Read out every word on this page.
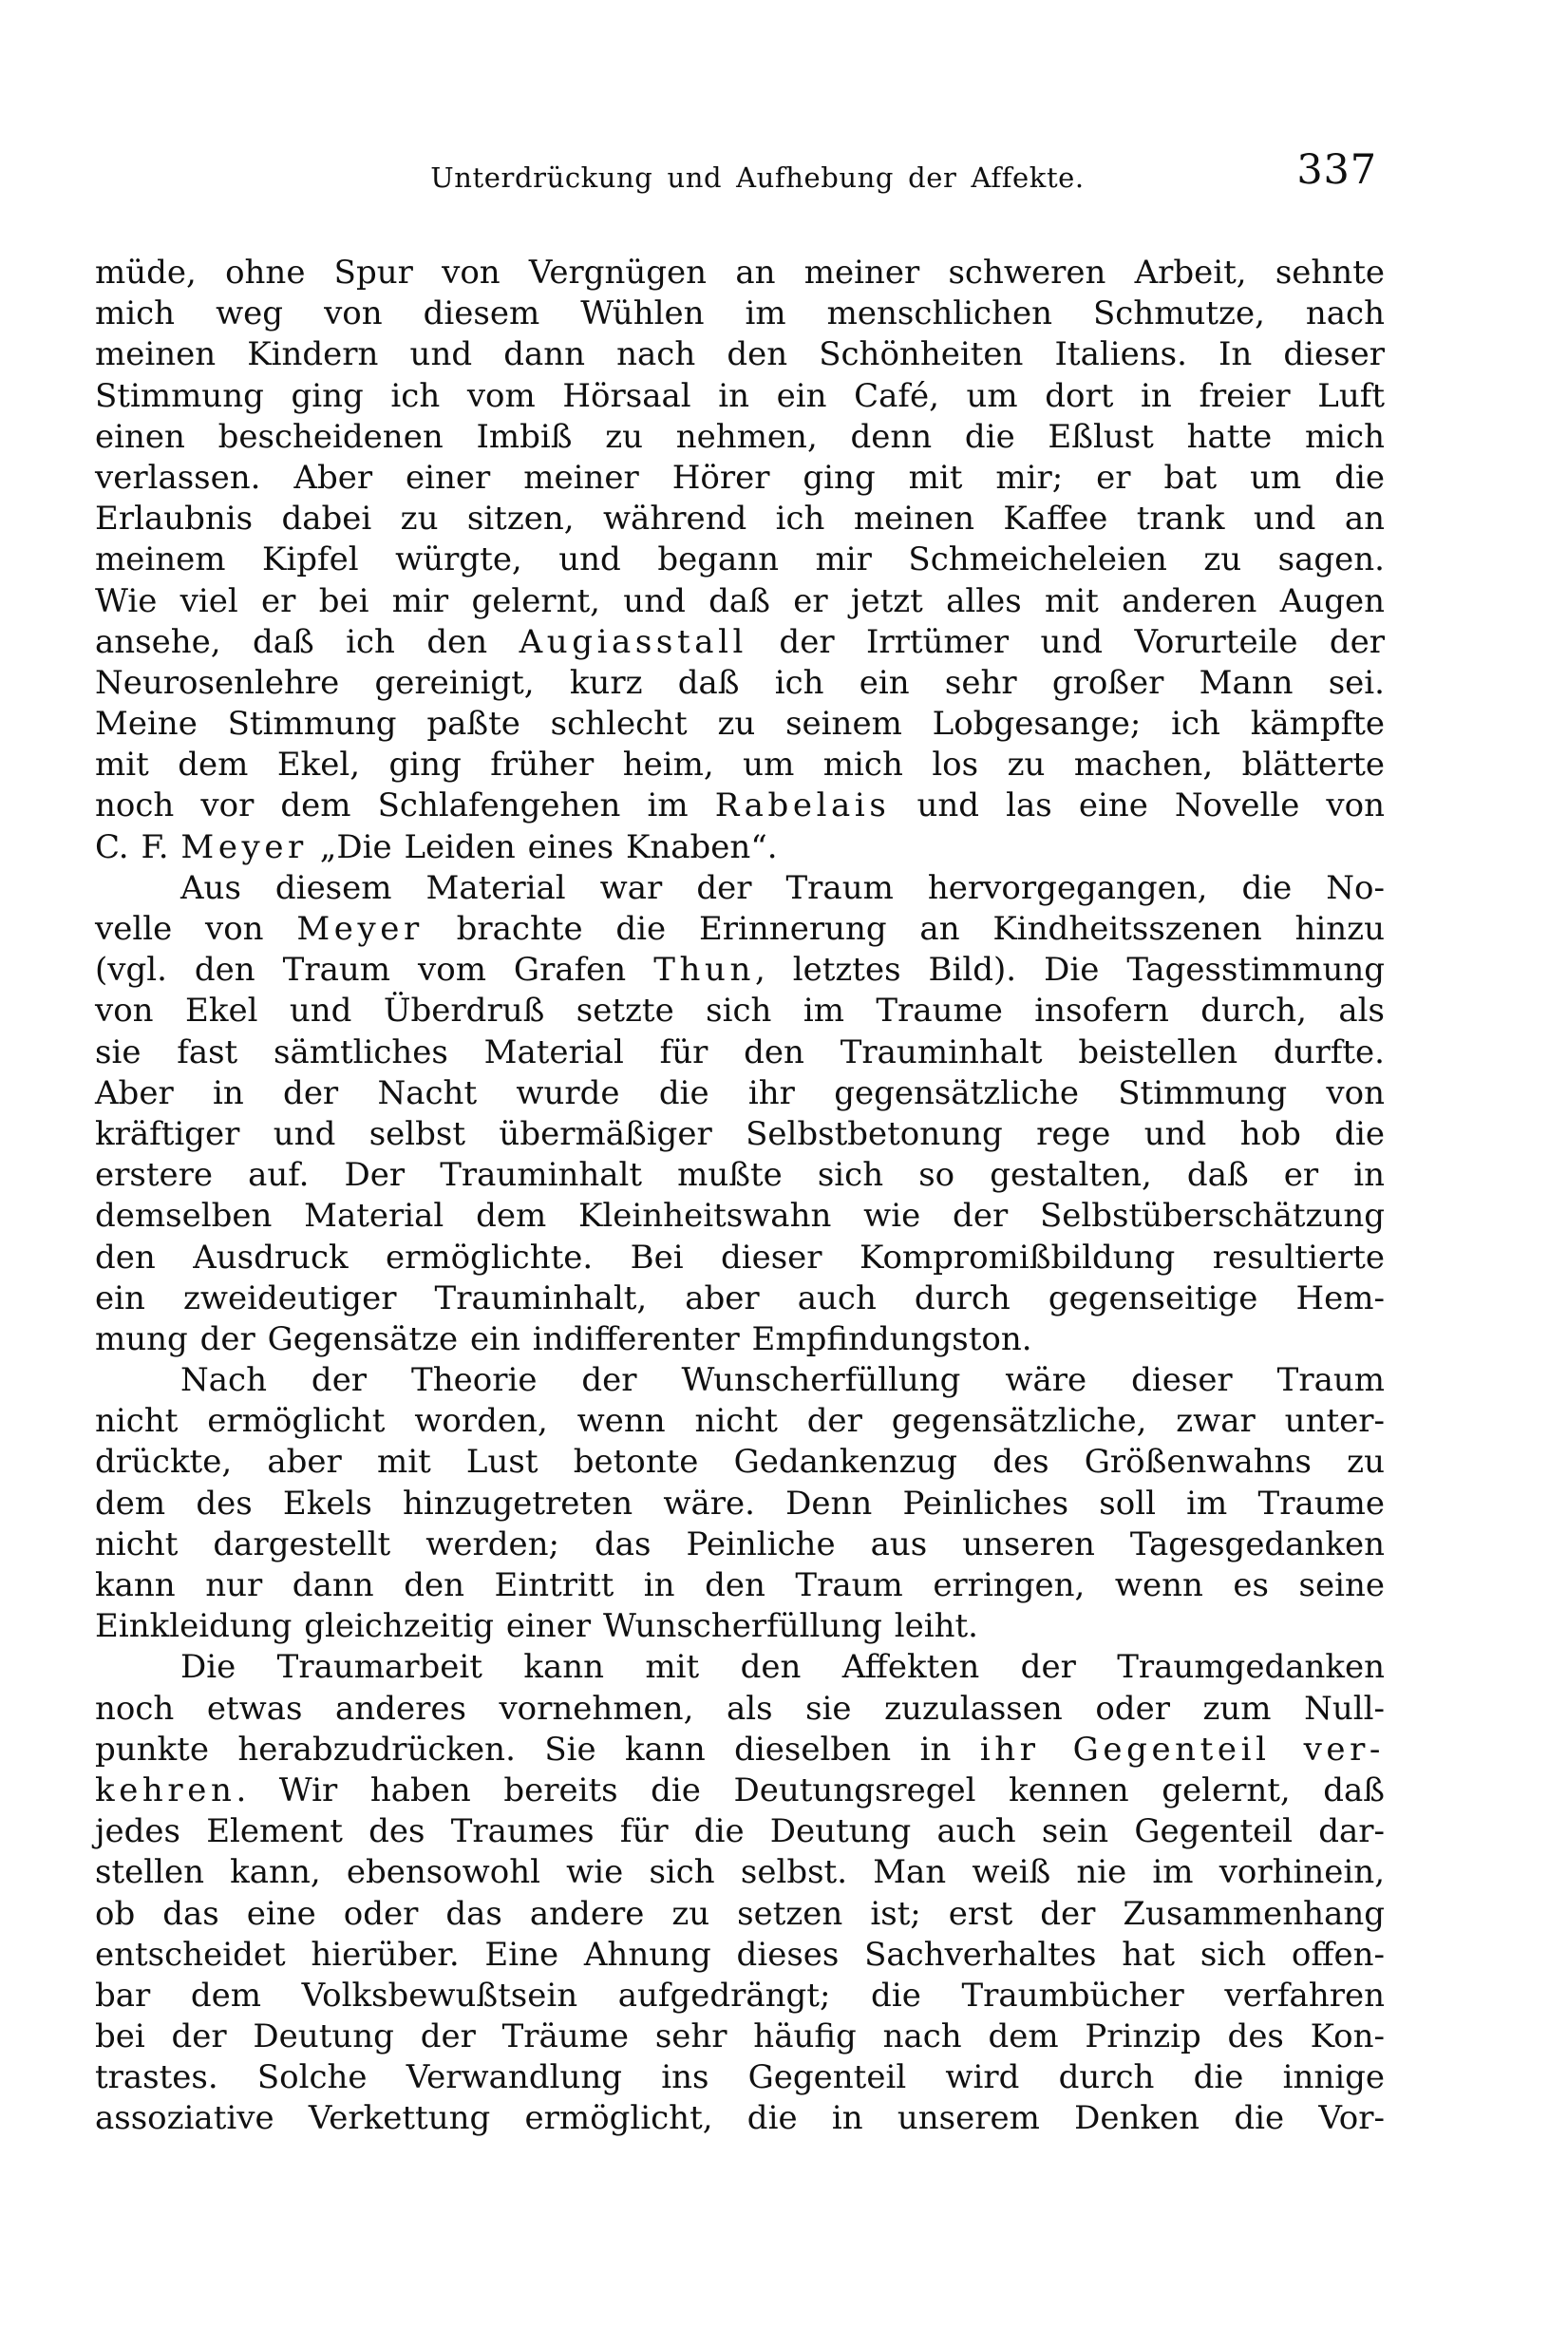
Unterdrückung und Aufhebung der Affekte.	337
müde, ohne Spur von Vergnügen an meiner schweren Arbeit, sehnte
mich weg von diesem Wühlen im menschlichen Schmutze, nach
meinen Kindern und dann nach den Schönheiten Italiens. In dieser
Stimmung ging ich vom Hörsaal in ein Café, um dort in freier Luft
einen bescheidenen Imbiß zu nehmen, denn die Eßlust hatte mich
verlassen. Aber einer meiner Hörer ging mit mir; er bat um die
Erlaubnis dabei zu sitzen, während ich meinen Kaffee trank und an
meinem Kipfel würgte, und begann mir Schmeicheleien zu sagen.
Wie viel er bei mir gelernt, und daß er jetzt alles mit anderen Augen
ansehe, daß ich den Augiasstall der Irrtümer und Vorurteile der
Neurosenlehre gereinigt, kurz daß ich ein sehr großer Mann sei.
Meine Stimmung paßte schlecht zu seinem Lobgesange; ich kämpfte
mit dem Ekel, ging früher heim, um mich los zu machen, blätterte
noch vor dem Schlafengehen im Rabelais und las eine Novelle von
C. F. Meyer „Die Leiden eines Knaben“.
Aus diesem Material war der Traum hervorgegangen, die No-
velle von Meyer brachte die Erinnerung an Kindheitsszenen hinzu
(vgl. den Traum vom Grafen Thun, letztes Bild). Die Tagesstimmung
von Ekel und Überdruß setzte sich im Traume insofern durch, als
sie fast sämtliches Material für den Trauminhalt beistellen durfte.
Aber in der Nacht wurde die ihr gegensätzliche Stimmung von
kräftiger und selbst übermäßiger Selbstbetonung rege und hob die
erstere auf. Der Trauminhalt mußte sich so gestalten, daß er in
demselben Material dem Kleinheitswahn wie der Selbstüberschätzung
den Ausdruck ermöglichte. Bei dieser Kompromißbildung resultierte
ein zweideutiger Trauminhalt, aber auch durch gegenseitige Hem-
mung der Gegensätze ein indifferenter Empfindungston.
Nach der Theorie der Wunscherfüllung wäre dieser Traum
nicht ermöglicht worden, wenn nicht der gegensätzliche, zwar unter-
drückte, aber mit Lust betonte Gedankenzug des Größenwahns zu
dem des Ekels hinzugetreten wäre. Denn Peinliches soll im Traume
nicht dargestellt werden; das Peinliche aus unseren Tagesgedanken
kann nur dann den Eintritt in den Traum erringen, wenn es seine
Einkleidung gleichzeitig einer Wunscherfüllung leiht.
Die Traumarbeit kann mit den Affekten der Traumgedanken
noch etwas anderes vornehmen, als sie zuzulassen oder zum Null-
punkte herabzudrücken. Sie kann dieselben in ihr Gegenteil ver-
kehren. Wir haben bereits die Deutungsregel kennen gelernt, daß
jedes Element des Traumes für die Deutung auch sein Gegenteil dar-
stellen kann, ebensowohl wie sich selbst. Man weiß nie im vorhinein,
ob das eine oder das andere zu setzen ist; erst der Zusammenhang
entscheidet hierüber. Eine Ahnung dieses Sachverhaltes hat sich offen-
bar dem Volksbewußtsein aufgedrängt; die Traumbücher verfahren
bei der Deutung der Träume sehr häufig nach dem Prinzip des Kon-
trastes. Solche Verwandlung ins Gegenteil wird durch die innige
assoziative Verkettung ermöglicht, die in unserem Denken die Vor-
